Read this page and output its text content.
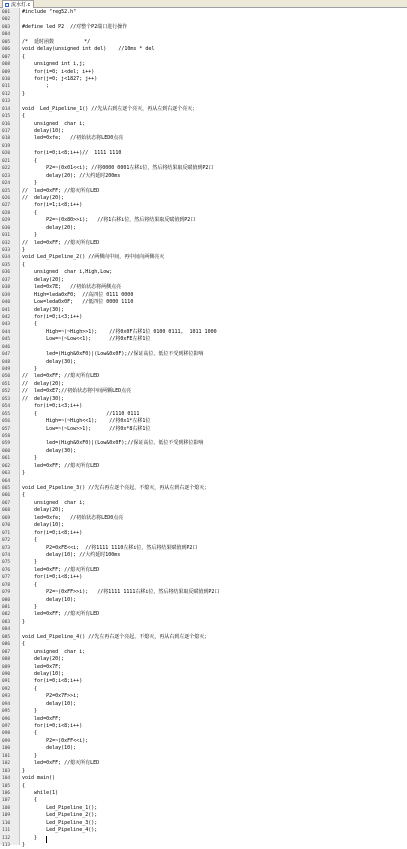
流水灯.c
001	#include "reg52.h"
002
003	#define led P2  //对整个P2端口进行操作
004
005	/*  延时函数          */
006	void delay(unsigned int del)    //10ms * del
007	{
008	unsigned int i,j;
009	for(i=0; i<del; i++)
010	for(j=0; j<1827; j++)
011	;
012	}
013
014	void  Led_Pipeline_1() //先从右到左逐个亮灭，再从左到右逐个亮灭；
015	{
016	unsigned  char i;
017	delay(10);
018	led=0xfe;   //初始状态将LED0点亮
019
020	for(i=0;i<8;i++)//  1111 1110
021	{
022	P2=~(0x01<<i); //将0000 0001左移i位，然后将结果取反赋值到P2口
023	delay(20); //大约延时200ms
024	}
025	//  led=0xFF; //熄灭所有LED
026	//  delay(20);
027	for(i=1;i<8;i++)
028	{
029	P2=~(0x80>>i);   //将1右移i位，然后将结果取反赋值到P2口
030	delay(20);
031	}
032	//  led=0xFF; //熄灭所有LED
033	}
034	void Led_Pipeline_2() //两侧向中间，再中间向两侧亮灭
035	{
036	unsigned  char i,High,Low;
037	delay(20);
038	led=0x7E;   //初始状态将两侧点亮
039	High=leda0xF0;  //高四位 0111 0000
040	Low=leda0x0F;   //低四位 0000 1110
041	delay(30);
042	for(i=0;i<3;i++)
043	{
044	High=~(~High>>1);    //将0x0F右移1位 0100 0111,  1011 1000
045	Low=~(~Low<<1);      //将0xFE左移1位
046
047	led=(High&0xF0)|(Low&0x0F);//保证高位、低位不受到移位影响
048	delay(30);
049	}
050	//  led=0xFF; //熄灭所有LED
051	//  delay(20);
052	//  led=0xE7;//初始状态将中间两颗LED点亮
053	//  delay(30);
054	for(i=0;i<3;i++)
055	{                       //1110 0111
056	High=~(~High<<1);    //将0x1*左移1位
057	Low=~(~Low>>1);      //将0x*8右移1位
058
059	led=(High&0xF0)|(Low&0x0F);//保证高位、低位不受到移位影响
060	delay(30);
061	}
062	led=0xFF; //熄灭所有LED
063	}
064
065	void Led_Pipeline_3() //先右再左逐个亮起，不熄灭，再从左到右逐个熄灭；
066	{
067	unsigned  char i;
068	delay(20);
069	led=0xfe;   //初始状态将LED0点亮
070	delay(10);
071	for(i=0;i<8;i++)
072	{
073	P2=0xFE<<i;  //将1111 1110左移i位，然后将结果赋值到P2口
074	delay(10); //大约延时100ms
075	}
076	led=0xFF; //熄灭所有LED
077	for(i=0;i<8;i++)
078	{
079	P2=~(0xFF>>i);   //将1111 1111右移i位，然后将结果取反赋值到P2口
080	delay(10);
081	}
082	led=0xFF; //熄灭所有LED
083	}
084
085	void Led_Pipeline_4() //先左再右逐个亮起，不熄灭，再从右到左逐个熄灭；
086	{
087	unsigned  char i;
088	delay(20);
089	led=0x7F;
090	delay(10);
091	for(i=0;i<8;i++)
092	{
093	P2=0x7F>>i;
094	delay(10);
095	}
096	led=0xFF;
097	for(i=0;i<8;i++)
098	{
099	P2=~(0xFF<<i);
100	delay(10);
101	}
102	led=0xFF; //熄灭所有LED
103	}
104	void main()
105	{
106	while(1)
107	{
108	Led_Pipeline_1();
109	Led_Pipeline_2();
110	Led_Pipeline_3();
111	Led_Pipeline_4();
112	}
113	}
